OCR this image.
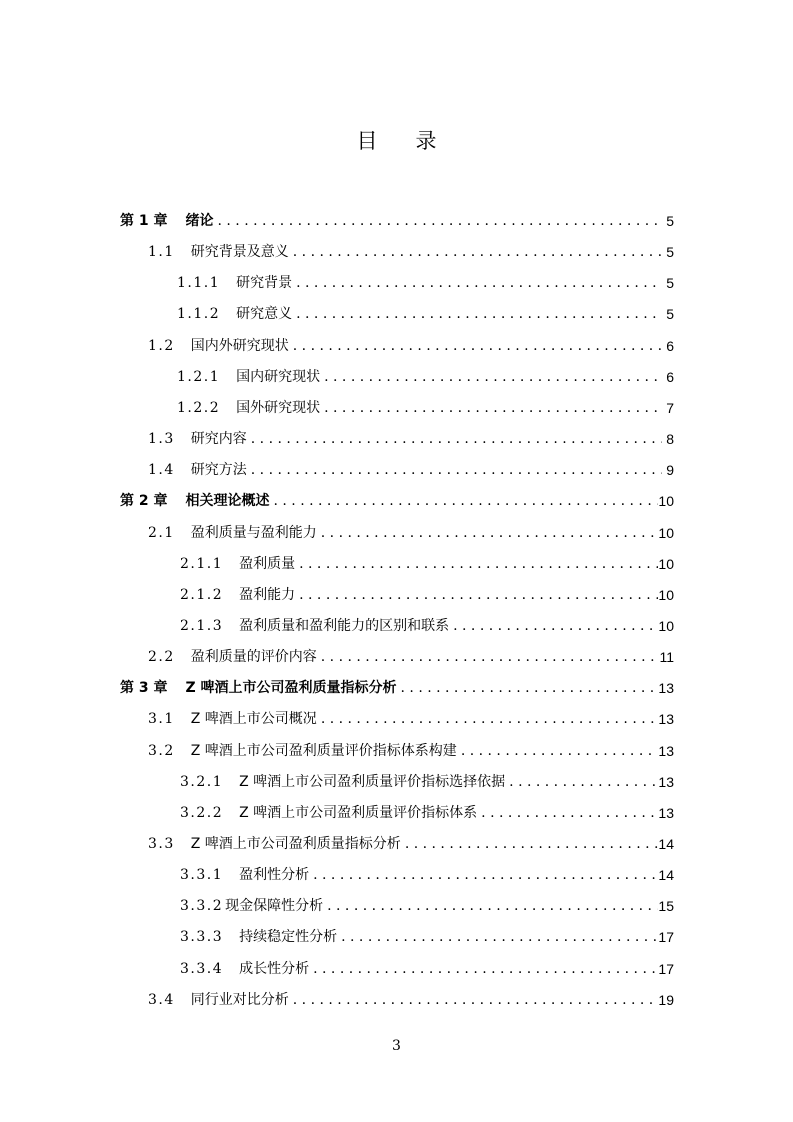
目录
第 1 章 绪论 . . .	5
1.1 研究背景及意义 . . .	5
1.1.1 研究背景 . . .	5
1.1.2 研究意义 . . .	5
1.2 国内外研究现状 . . .	6
1.2.1 国内研究现状 . . .	6
1.2.2 国外研究现状 . . .	7
1.3 研究内容 . . .	8
1.4 研究方法 . . .	9
第 2 章 相关理论概述 . . .	10
2.1 盈利质量与盈利能力 . . .	10
2.1.1 盈利质量 . . .	10
2.1.2 盈利能力 . . .	10
2.1.3 盈利质量和盈利能力的区别和联系 . . .	10
2.2 盈利质量的评价内容 . . .	11
第 3 章 Z 啤酒上市公司盈利质量指标分析 . . .	13
3.1 Z 啤酒上市公司概况 . . .	13
3.2 Z 啤酒上市公司盈利质量评价指标体系构建 . . .	13
3.2.1 Z 啤酒上市公司盈利质量评价指标选择依据 . . .	13
3.2.2 Z 啤酒上市公司盈利质量评价指标体系 . . .	13
3.3 Z 啤酒上市公司盈利质量指标分析 . . .	14
3.3.1 盈利性分析 . . .	14
3.3.2 现金保障性分析 . . .	15
3.3.3 持续稳定性分析 . . .	17
3.3.4 成长性分析 . . .	17
3.4 同行业对比分析 . . .	19
3
